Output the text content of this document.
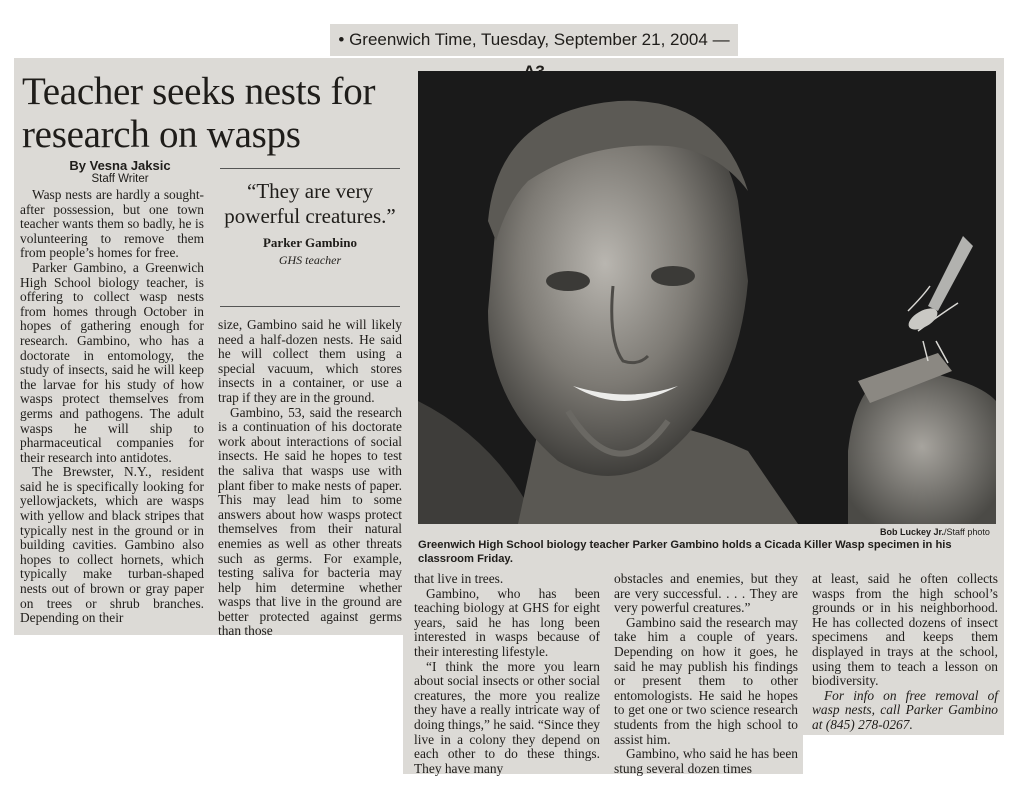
• Greenwich Time, Tuesday, September 21, 2004 —
Teacher seeks nests for research on wasps
By Vesna Jaksic
Staff Writer	“They are very powerful creatures.”
Parker Gambino
GHS teacher

Wasp nests are hardly a sought-after possession, but one town teacher wants them so badly, he is volunteering to remove them from people’s homes for free.

Parker Gambino, a Greenwich High School biology teacher, is offering to collect wasp nests from homes through October in hopes of gathering enough for research. Gambino, who has a doctorate in entomology, the study of insects, said he will keep the larvae for his study of how wasps protect themselves from germs and pathogens. The adult wasps he will ship to pharmaceutical companies for their research into antidotes.

The Brewster, N.Y., resident said he is specifically looking for yellowjackets, which are wasps with yellow and black stripes that typically nest in the ground or in building cavities. Gambino also hopes to collect hornets, which typically make turban-shaped nests out of brown or gray paper on trees or shrub branches. Depending on their

size, Gambino said he will likely need a half-dozen nests. He said he will collect them using a special vacuum, which stores insects in a container, or use a trap if they are in the ground.

Gambino, 53, said the research is a continuation of his doctorate work about interactions of social insects. He said he hopes to test the saliva that wasps use with plant fiber to make nests of paper. This may lead him to some answers about how wasps protect themselves from their natural enemies as well as other threats such as germs. For example, testing saliva for bacteria may help him determine whether wasps that live in the ground are better protected against germs than those

Bob Luckey Jr./Staff photo
Greenwich High School biology teacher Parker Gambino holds a Cicada Killer Wasp specimen in his classroom Friday.

that live in trees.

Gambino, who has been teaching biology at GHS for eight years, said he has long been interested in wasps because of their interesting lifestyle.

“I think the more you learn about social insects or other social creatures, the more you realize they have a really intricate way of doing things,” he said. “Since they live in a colony they depend on each other to do these things. They have many

obstacles and enemies, but they are very successful. . . . They are very powerful creatures.”

Gambino said the research may take him a couple of years. Depending on how it goes, he said he may publish his findings or present them to other entomologists. He said he hopes to get one or two science research students from the high school to assist him.

Gambino, who said he has been stung several dozen times

at least, said he often collects wasps from the high school’s grounds or in his neighborhood. He has collected dozens of insect specimens and keeps them displayed in trays at the school, using them to teach a lesson on biodiversity.

For info on free removal of wasp nests, call Parker Gambino at (845) 278-0267.
